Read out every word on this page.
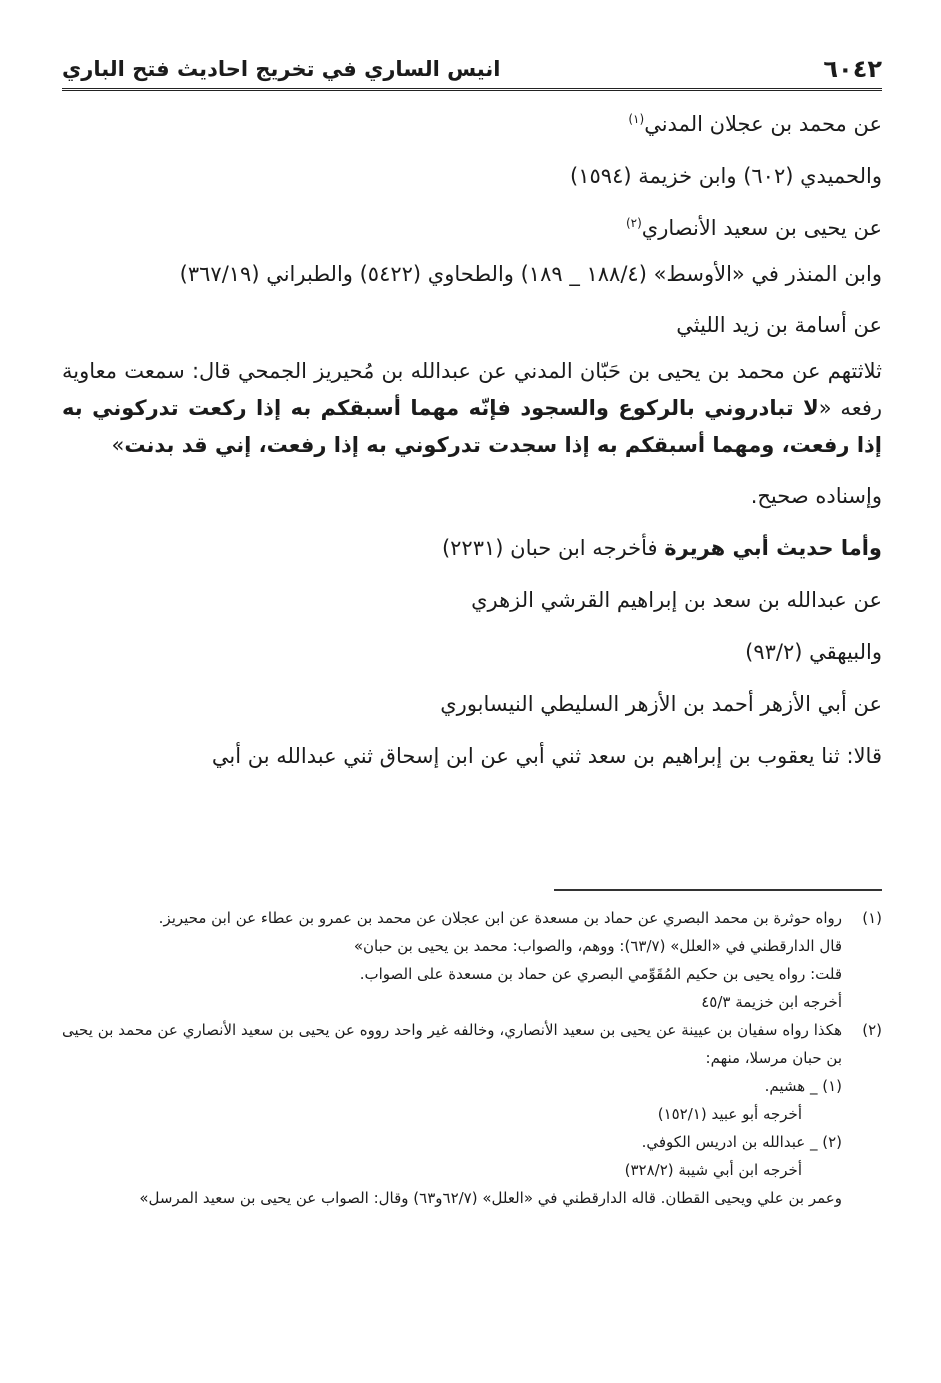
٦٠٤٢
انيس الساري في تخريج احاديث فتح الباري

عن محمد بن عجلان المدني$^{(١)}$

والحميدي (٦٠٢) وابن خزيمة (١٥٩٤)

عن يحيى بن سعيد الأنصاري$^{(٢)}$

وابن المنذر في «الأوسط» (١٨٨/٤ _ ١٨٩) والطحاوي (٥٤٢٢) والطبراني (٣٦٧/١٩)

عن أسامة بن زيد الليثي

ثلاثتهم عن محمد بن يحيى بن حَبّان المدني عن عبدالله بن مُحيريز الجمحي قال: سمعت معاوية رفعه «لا تبادروني بالركوع والسجود فإنّه مهما أسبقكم به إذا ركعت تدركوني به إذا رفعت، ومهما أسبقكم به إذا سجدت تدركوني به إذا رفعت، إني قد بدنت»

وإسناده صحيح.

وأما حديث أبي هريرة فأخرجه ابن حبان (٢٢٣١)

عن عبدالله بن سعد بن إبراهيم القرشي الزهري

والبيهقي (٩٣/٢)

عن أبي الأزهر أحمد بن الأزهر السليطي النيسابوري

قالا: ثنا يعقوب بن إبراهيم بن سعد ثني أبي عن ابن إسحاق ثني عبدالله بن أبي

(١)
رواه حوثرة بن محمد البصري عن حماد بن مسعدة عن ابن عجلان عن محمد بن عمرو بن عطاء عن ابن محيريز.
قال الدارقطني في «العلل» (٦٣/٧): ووهم، والصواب: محمد بن يحيى بن حبان»
قلت: رواه يحيى بن حكيم المُقَوِّمي البصري عن حماد بن مسعدة على الصواب.
أخرجه ابن خزيمة ٤٥/٣
(٢)
هكذا رواه سفيان بن عيينة عن يحيى بن سعيد الأنصاري، وخالفه غير واحد رووه عن يحيى بن سعيد الأنصاري عن محمد بن يحيى بن حبان مرسلا، منهم:
(١) _ هشيم.
أخرجه أبو عبيد (١٥٢/١)
(٢) _ عبدالله بن ادريس الكوفي.
أخرجه ابن أبي شيبة (٣٢٨/٢)
وعمر بن علي ويحيى القطان. قاله الدارقطني في «العلل» (٦٢/٧و٦٣) وقال: الصواب عن يحيى بن سعيد المرسل»
